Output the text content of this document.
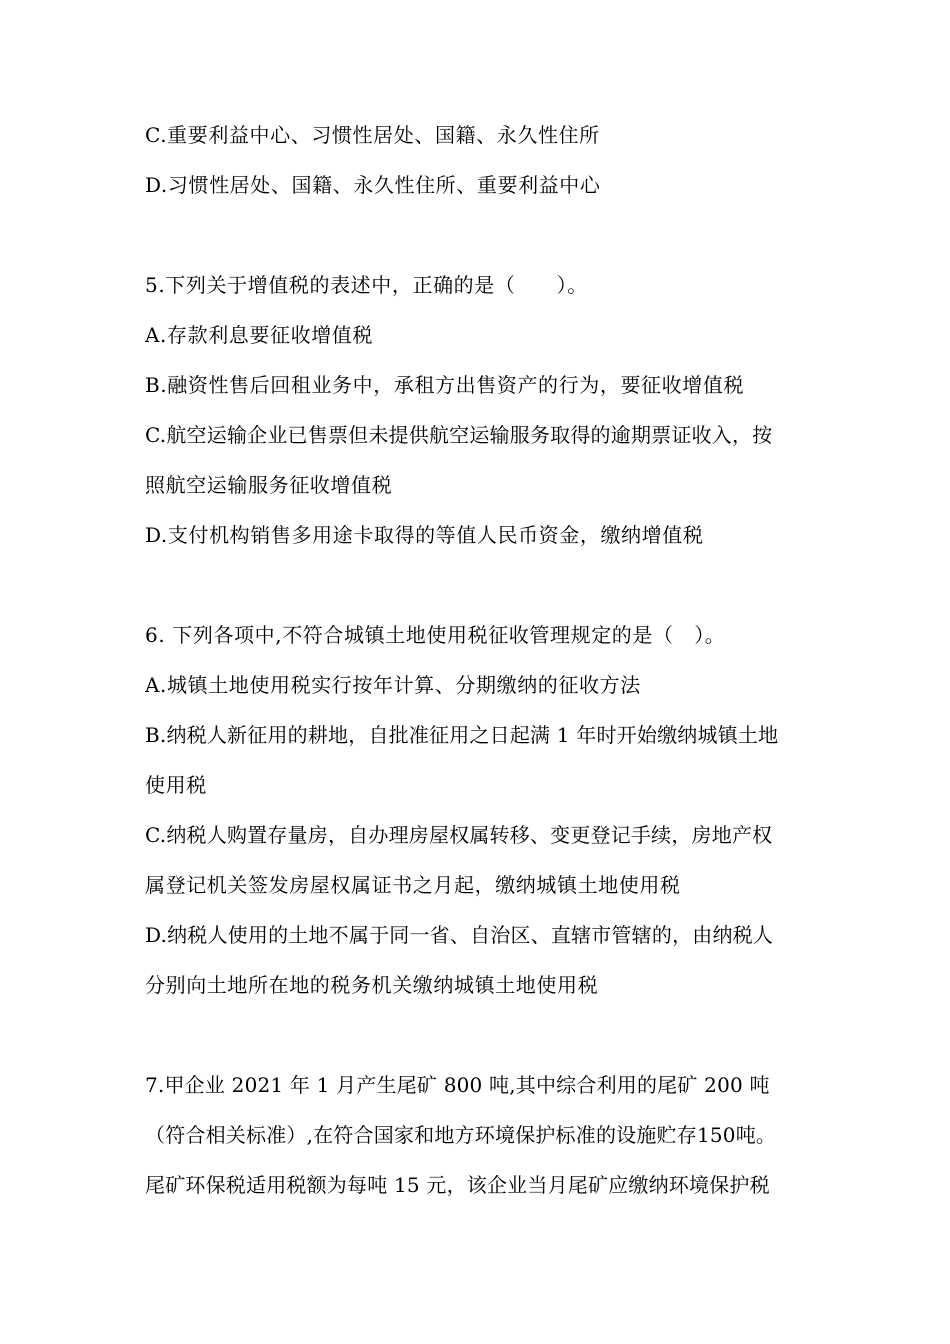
C.重要利益中心、习惯性居处、国籍、永久性住所
D.习惯性居处、国籍、永久性住所、重要利益中心
5.下列关于增值税的表述中，正确的是（　　）。
A.存款利息要征收增值税
B.融资性售后回租业务中，承租方出售资产的行为，要征收增值税
C.航空运输企业已售票但未提供航空运输服务取得的逾期票证收入，按
照航空运输服务征收增值税
D.支付机构销售多用途卡取得的等值人民币资金，缴纳增值税
6. 下列各项中,不符合城镇土地使用税征收管理规定的是（　）。
A.城镇土地使用税实行按年计算、分期缴纳的征收方法
B.纳税人新征用的耕地，自批准征用之日起满 1 年时开始缴纳城镇土地
使用税
C.纳税人购置存量房，自办理房屋权属转移、变更登记手续，房地产权
属登记机关签发房屋权属证书之月起，缴纳城镇土地使用税
D.纳税人使用的土地不属于同一省、自治区、直辖市管辖的，由纳税人
分别向土地所在地的税务机关缴纳城镇土地使用税
7.甲企业 2021 年 1 月产生尾矿 800 吨,其中综合利用的尾矿 200 吨
（符合相关标准）,在符合国家和地方环境保护标准的设施贮存150吨。
尾矿环保税适用税额为每吨 15 元，该企业当月尾矿应缴纳环境保护税
